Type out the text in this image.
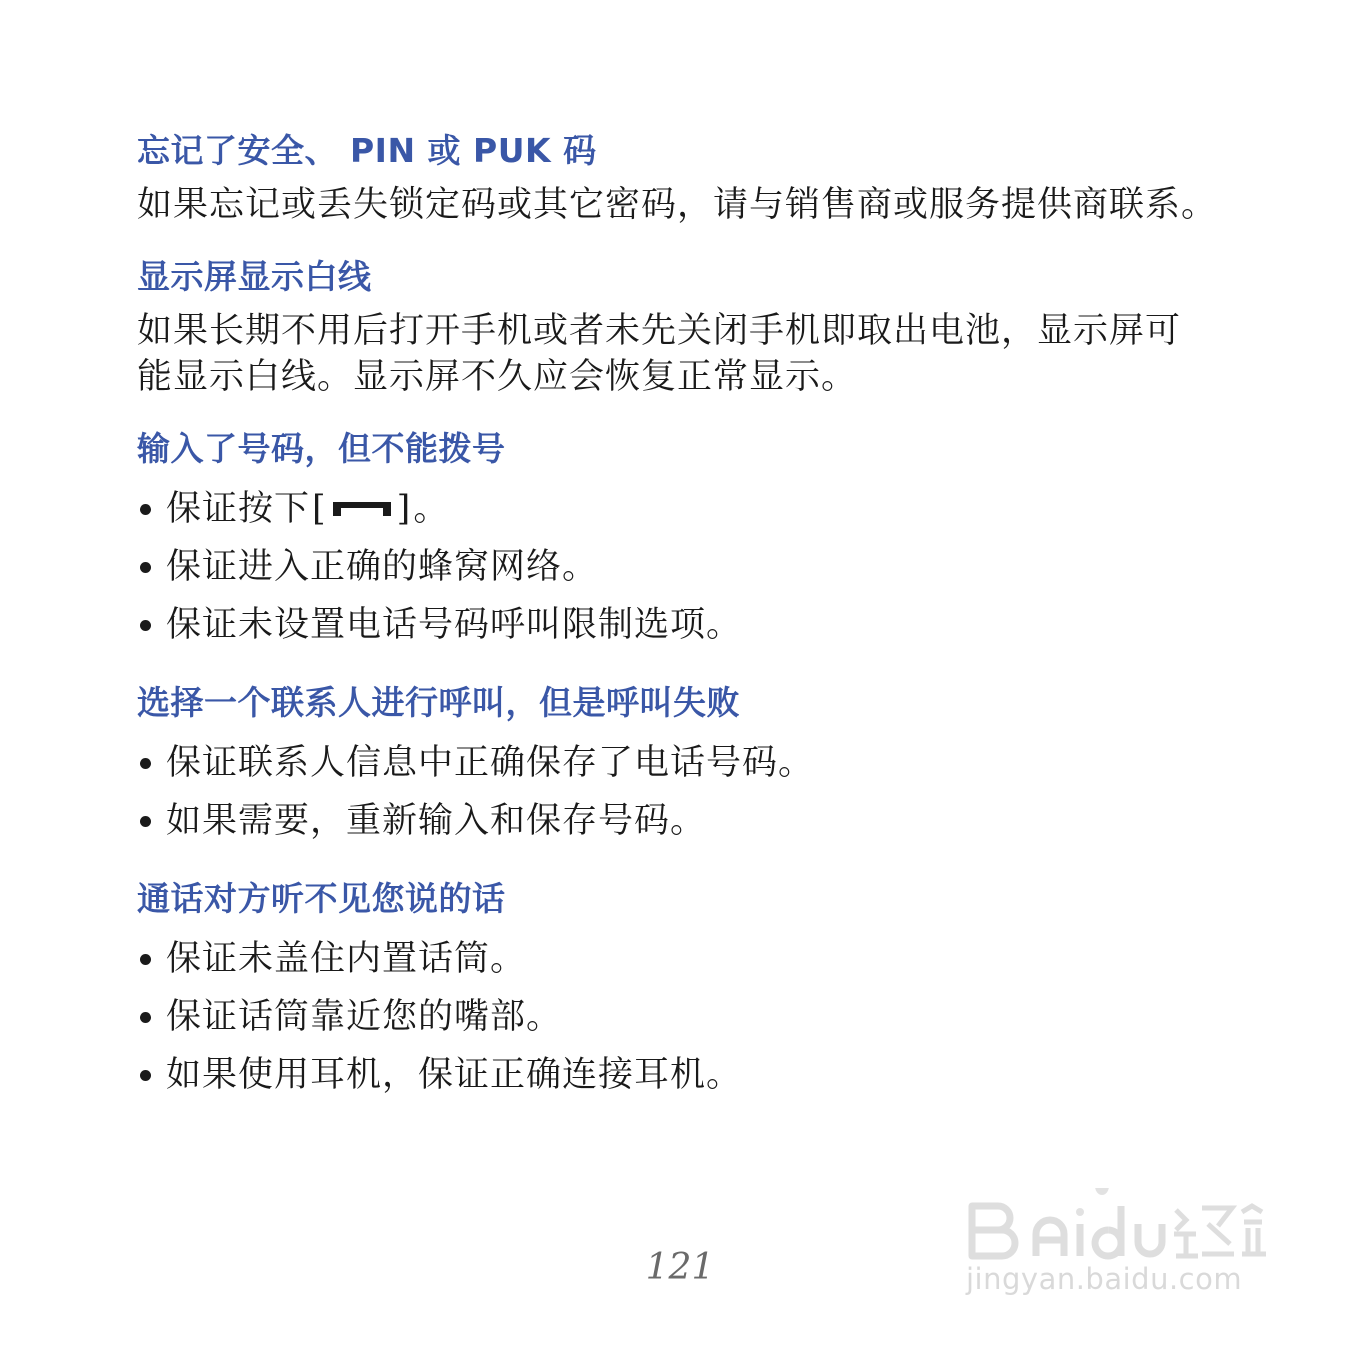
忘记了安全、 PIN 或 PUK 码

如果忘记或丢失锁定码或其它密码，请与销售商或服务提供商联系。

显示屏显示白线

如果长期不用后打开手机或者未先关闭手机即取出电池，显示屏可
能显示白线。显示屏不久应会恢复正常显示。

输入了号码，但不能拨号
保证按下 [ ] 。
保证进入正确的蜂窝网络。
保证未设置电话号码呼叫限制选项。
选择一个联系人进行呼叫，但是呼叫失败
保证联系人信息中正确保存了电话号码。
如果需要，重新输入和保存号码。
通话对方听不见您说的话
保证未盖住内置话筒。
保证话筒靠近您的嘴部。
如果使用耳机，保证正确连接耳机。
121	jingyan.baidu.com
